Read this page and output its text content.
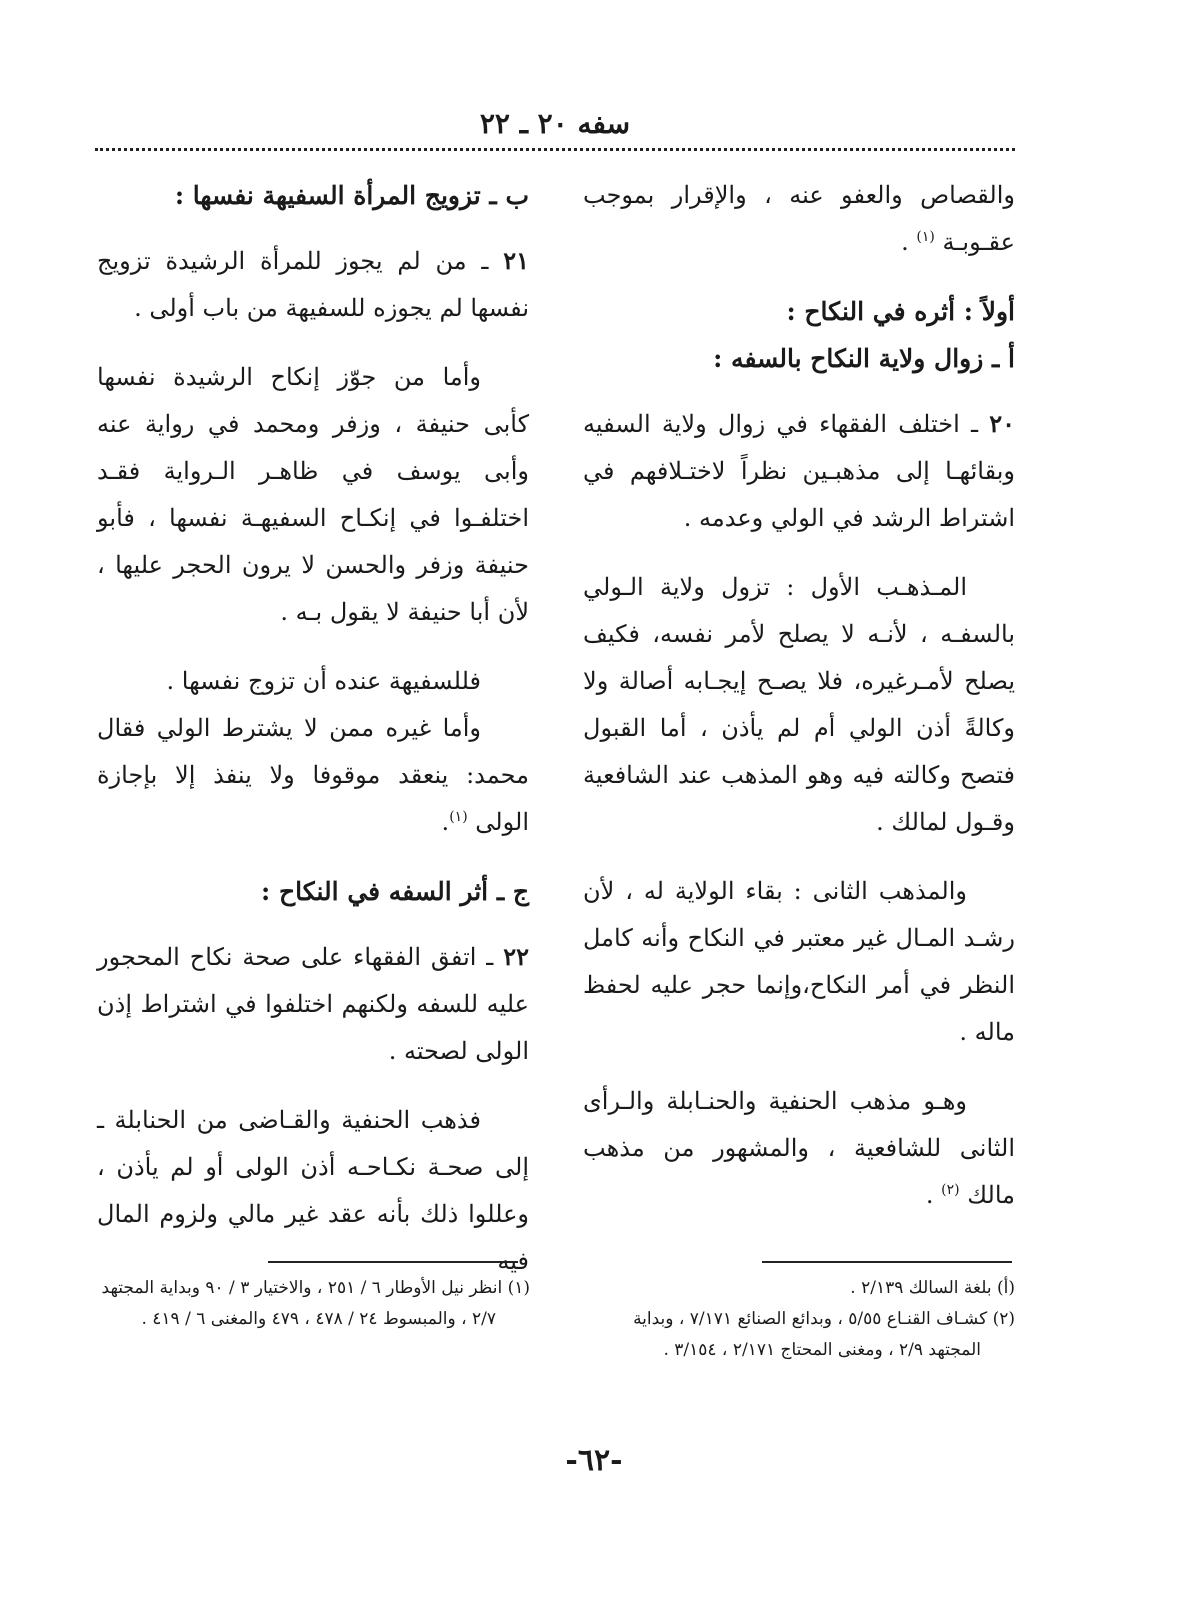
سفه ٢٠ ـ ٢٢

والقصاص والعفو عنه ، والإقرار بموجب عقـوبـة $^{(١)}$ .

أولاً : أثره في النكاح :

أ ـ زوال ولاية النكاح بالسفه :

٢٠ ـ اختلف الفقهاء في زوال ولاية السفيه وبقائهـا إلى مذهبـين نظراً لاختـلافهم في اشتراط الرشد في الولي وعدمه .

المـذهـب الأول : تزول ولاية الـولي بالسفـه ، لأنـه لا يصلح لأمر نفسه، فكيف يصلح لأمـرغيره، فلا يصـح إيجـابه أصالة ولا وكالةً أذن الولي أم لم يأذن ، أما القبول فتصح وكالته فيه وهو المذهب عند الشافعية وقـول لمالك .

والمذهب الثانى : بقاء الولاية له ، لأن رشـد المـال غير معتبر في النكاح وأنه كامل النظر في أمر النكاح،وإنما حجر عليه لحفظ ماله .

وهـو مذهب الحنفية والحنـابلة والـرأى الثانى للشافعية ، والمشهور من مذهب مالك $^{(٢)}$ .

ب ـ تزويج المرأة السفيهة نفسها :

٢١ ـ من لم يجوز للمرأة الرشيدة تزويج نفسها لم يجوزه للسفيهة من باب أولى .

وأما من جوّز إنكاح الرشيدة نفسها كأبى حنيفة ، وزفر ومحمد في رواية عنه وأبى يوسف في ظاهـر الـرواية فقـد اختلفـوا في إنكـاح السفيهـة نفسها ، فأبو حنيفة وزفر والحسن لا يرون الحجر عليها ، لأن أبا حنيفة لا يقول بـه .

فللسفيهة عنده أن تزوج نفسها .

وأما غيره ممن لا يشترط الولي فقال محمد: ينعقد موقوفا ولا ينفذ إلا بإجازة الولى $^{(١)}$.

ج ـ أثر السفه في النكاح :

٢٢ ـ اتفق الفقهاء على صحة نكاح المحجور عليه للسفه ولكنهم اختلفوا في اشتراط إذن الولى لصحته .

فذهب الحنفية والقـاضى من الحنابلة ـ إلى صحـة نكـاحـه أذن الولى أو لم يأذن ، وعللوا ذلك بأنه عقد غير مالي ولزوم المال فيه

(أ) بلغة السالك ٢/١٣٩ .

(٢) كشـاف القنـاع ٥/٥٥ ، وبدائع الصنائع ٧/١٧١ ، وبداية المجتهد ٢/٩ ، ومغنى المحتاج ٢/١٧١ ، ٣/١٥٤ .

(١) انظر نيل الأوطار ٦ / ٢٥١ ، والاختيار ٣ / ٩٠ وبداية المجتهد ٢/٧ ، والمبسوط ٢٤ / ٤٧٨ ، ٤٧٩ والمغنى ٦ / ٤١٩ .

-٦٢-
